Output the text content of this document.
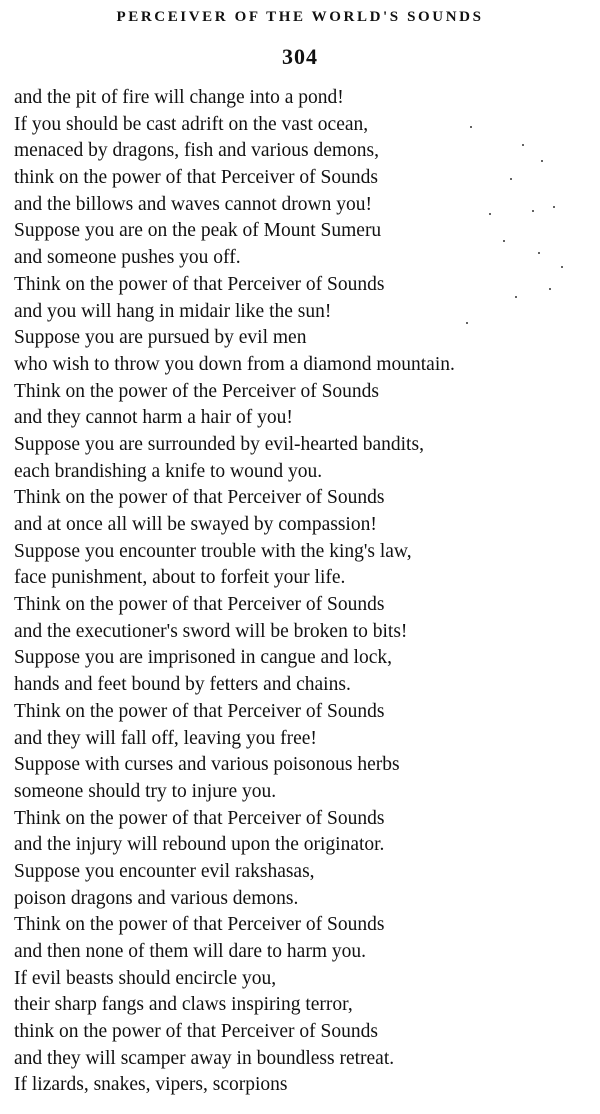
PERCEIVER OF THE WORLD'S SOUNDS
304
and the pit of fire will change into a pond!
If you should be cast adrift on the vast ocean,
menaced by dragons, fish and various demons,
think on the power of that Perceiver of Sounds
and the billows and waves cannot drown you!
Suppose you are on the peak of Mount Sumeru
and someone pushes you off.
Think on the power of that Perceiver of Sounds
and you will hang in midair like the sun!
Suppose you are pursued by evil men
who wish to throw you down from a diamond mountain.
Think on the power of the Perceiver of Sounds
and they cannot harm a hair of you!
Suppose you are surrounded by evil-hearted bandits,
each brandishing a knife to wound you.
Think on the power of that Perceiver of Sounds
and at once all will be swayed by compassion!
Suppose you encounter trouble with the king's law,
face punishment, about to forfeit your life.
Think on the power of that Perceiver of Sounds
and the executioner's sword will be broken to bits!
Suppose you are imprisoned in cangue and lock,
hands and feet bound by fetters and chains.
Think on the power of that Perceiver of Sounds
and they will fall off, leaving you free!
Suppose with curses and various poisonous herbs
someone should try to injure you.
Think on the power of that Perceiver of Sounds
and the injury will rebound upon the originator.
Suppose you encounter evil rakshasas,
poison dragons and various demons.
Think on the power of that Perceiver of Sounds
and then none of them will dare to harm you.
If evil beasts should encircle you,
their sharp fangs and claws inspiring terror,
think on the power of that Perceiver of Sounds
and they will scamper away in boundless retreat.
If lizards, snakes, vipers, scorpions
